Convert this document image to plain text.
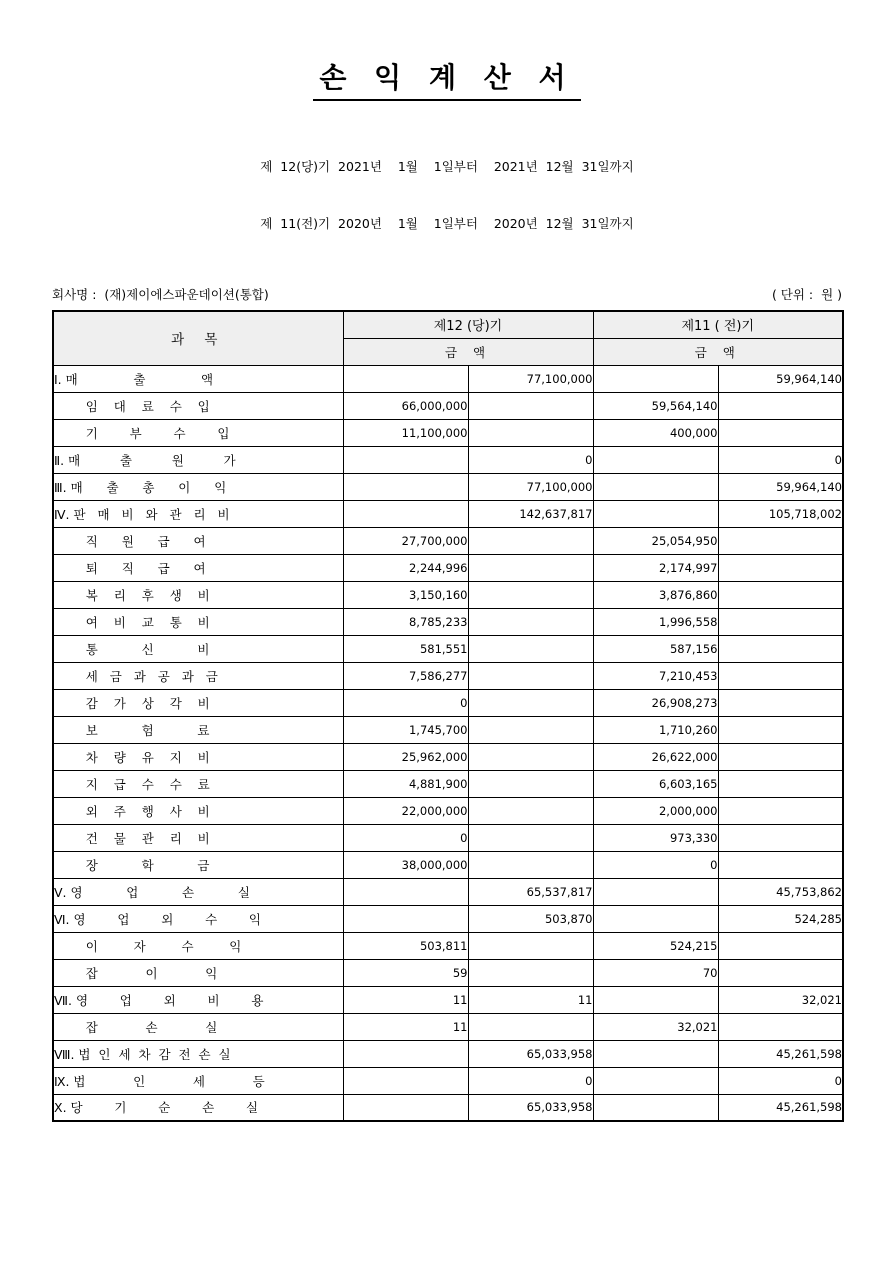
손 익 계 산 서

제  12(당)기  2021년    1월    1일부터    2021년  12월  31일까지

제  11(전)기  2020년    1월    1일부터    2020년  12월  31일까지

회사명 :  (재)제이에스파운데이션(통합)	( 단위 :  원 )
과 목	제12 (당)기		제11 ( 전)기	
	금 액		금 액	
Ⅰ. 매              출              액		77,100,000		59,964,140
임    대    료    수    입	66,000,000		59,564,140	
기        부        수        입	11,100,000		400,000	
Ⅱ. 매          출          원          가		0		0
Ⅲ. 매      출      총      이      익		77,100,000		59,964,140
Ⅳ. 판   매   비   와   관   리   비		142,637,817		105,718,002
직      원      급      여	27,700,000		25,054,950	
퇴      직      급      여	2,244,996		2,174,997	
복    리    후    생    비	3,150,160		3,876,860	
여    비    교    통    비	8,785,233		1,996,558	
통           신           비	581,551		587,156	
세   금   과   공   과   금	7,586,277		7,210,453	
감    가    상    각    비	0		26,908,273	
보           험           료	1,745,700		1,710,260	
차    량    유    지    비	25,962,000		26,622,000	
지    급    수    수    료	4,881,900		6,603,165	
외    주    행    사    비	22,000,000		2,000,000	
건    물    관    리    비	0		973,330	
장           학           금	38,000,000		0	
Ⅴ. 영           업           손           실		65,537,817		45,753,862
Ⅵ. 영        업        외        수        익		503,870		524,285
이         자         수         익	503,811		524,215	
잡            이            익	59		70	
Ⅶ. 영        업        외        비        용	11	11		32,021
잡            손            실	11		32,021	
Ⅷ. 법  인  세  차  감  전  손  실		65,033,958		45,261,598
Ⅸ. 법            인            세            등		0		0
Ⅹ. 당        기        순        손        실		65,033,958		45,261,598
